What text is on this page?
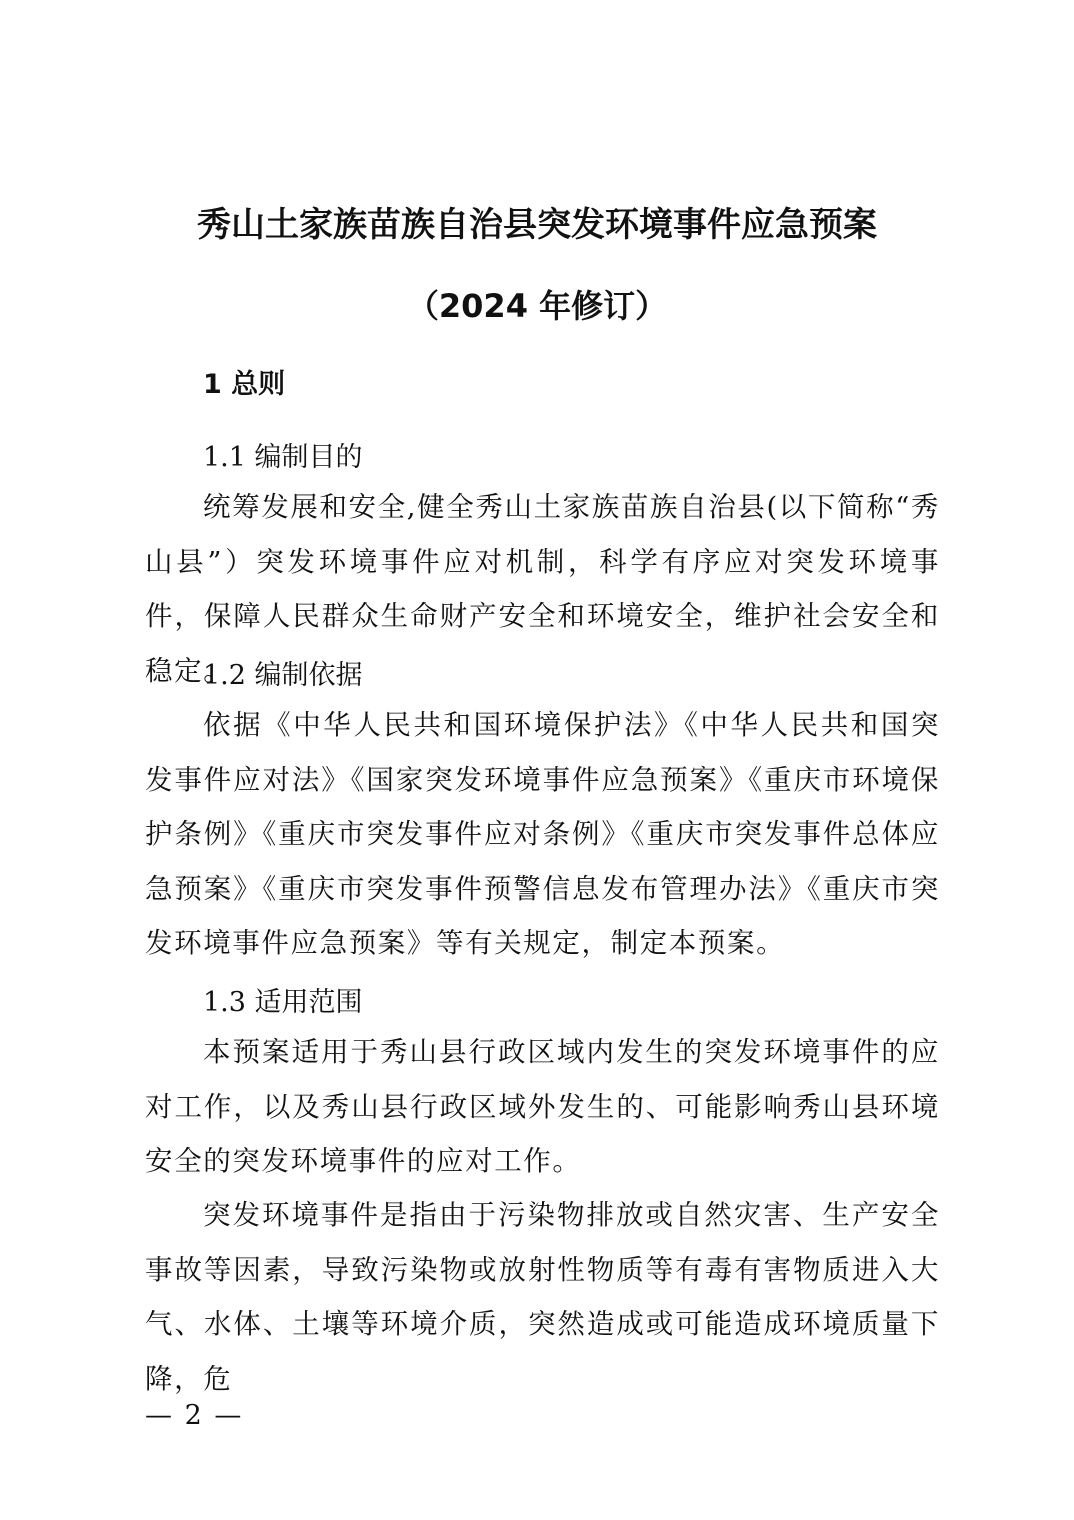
秀山土家族苗族自治县突发环境事件应急预案
（2024 年修订）
1 总则
1.1 编制目的
统筹发展和安全,健全秀山土家族苗族自治县(以下简称“秀山县”）突发环境事件应对机制，科学有序应对突发环境事件，保障人民群众生命财产安全和环境安全，维护社会安全和稳定。
1.2 编制依据
依据《中华人民共和国环境保护法》《中华人民共和国突发事件应对法》《国家突发环境事件应急预案》《重庆市环境保护条例》《重庆市突发事件应对条例》《重庆市突发事件总体应急预案》《重庆市突发事件预警信息发布管理办法》《重庆市突发环境事件应急预案》等有关规定，制定本预案。
1.3 适用范围
本预案适用于秀山县行政区域内发生的突发环境事件的应对工作，以及秀山县行政区域外发生的、可能影响秀山县环境安全的突发环境事件的应对工作。
突发环境事件是指由于污染物排放或自然灾害、生产安全事故等因素，导致污染物或放射性物质等有毒有害物质进入大气、水体、土壤等环境介质，突然造成或可能造成环境质量下降，危
— 2 —
